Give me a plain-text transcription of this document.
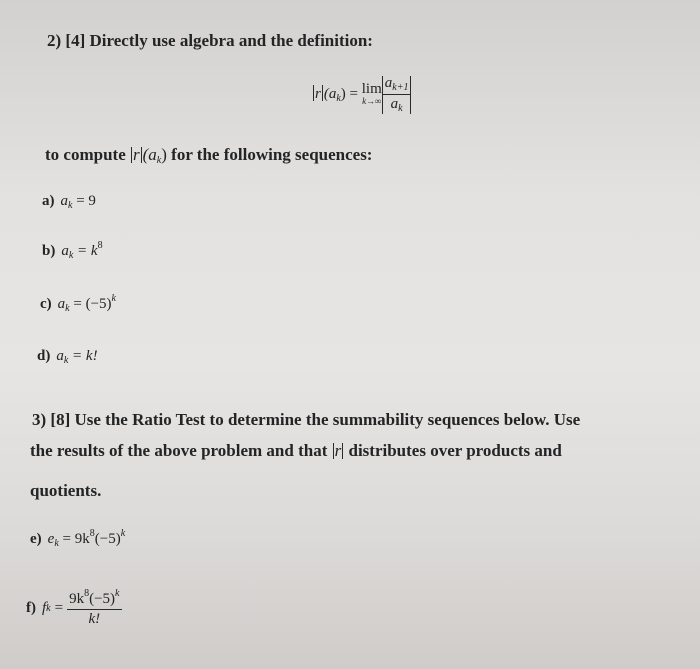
2) [4] Directly use algebra and the definition:
r $(a_k) = \lim$
$k\to\infty \frac{a_{k+1}}{a_k}$
to compute r $(a_k)$ for the following sequences:
a) $a_k = 9$
b) $a_k = k^8$
c) $a_k = (-5)^k$
d) $a_k = k$!
3) [8] Use the Ratio Test to determine the summability sequences below. Use
the results of the above problem and that r distributes over products and
quotients.
e) $e_k = 9k^8(-5)^k$
f) f $k = \frac{9k^8(-5)^k}{k!}$
